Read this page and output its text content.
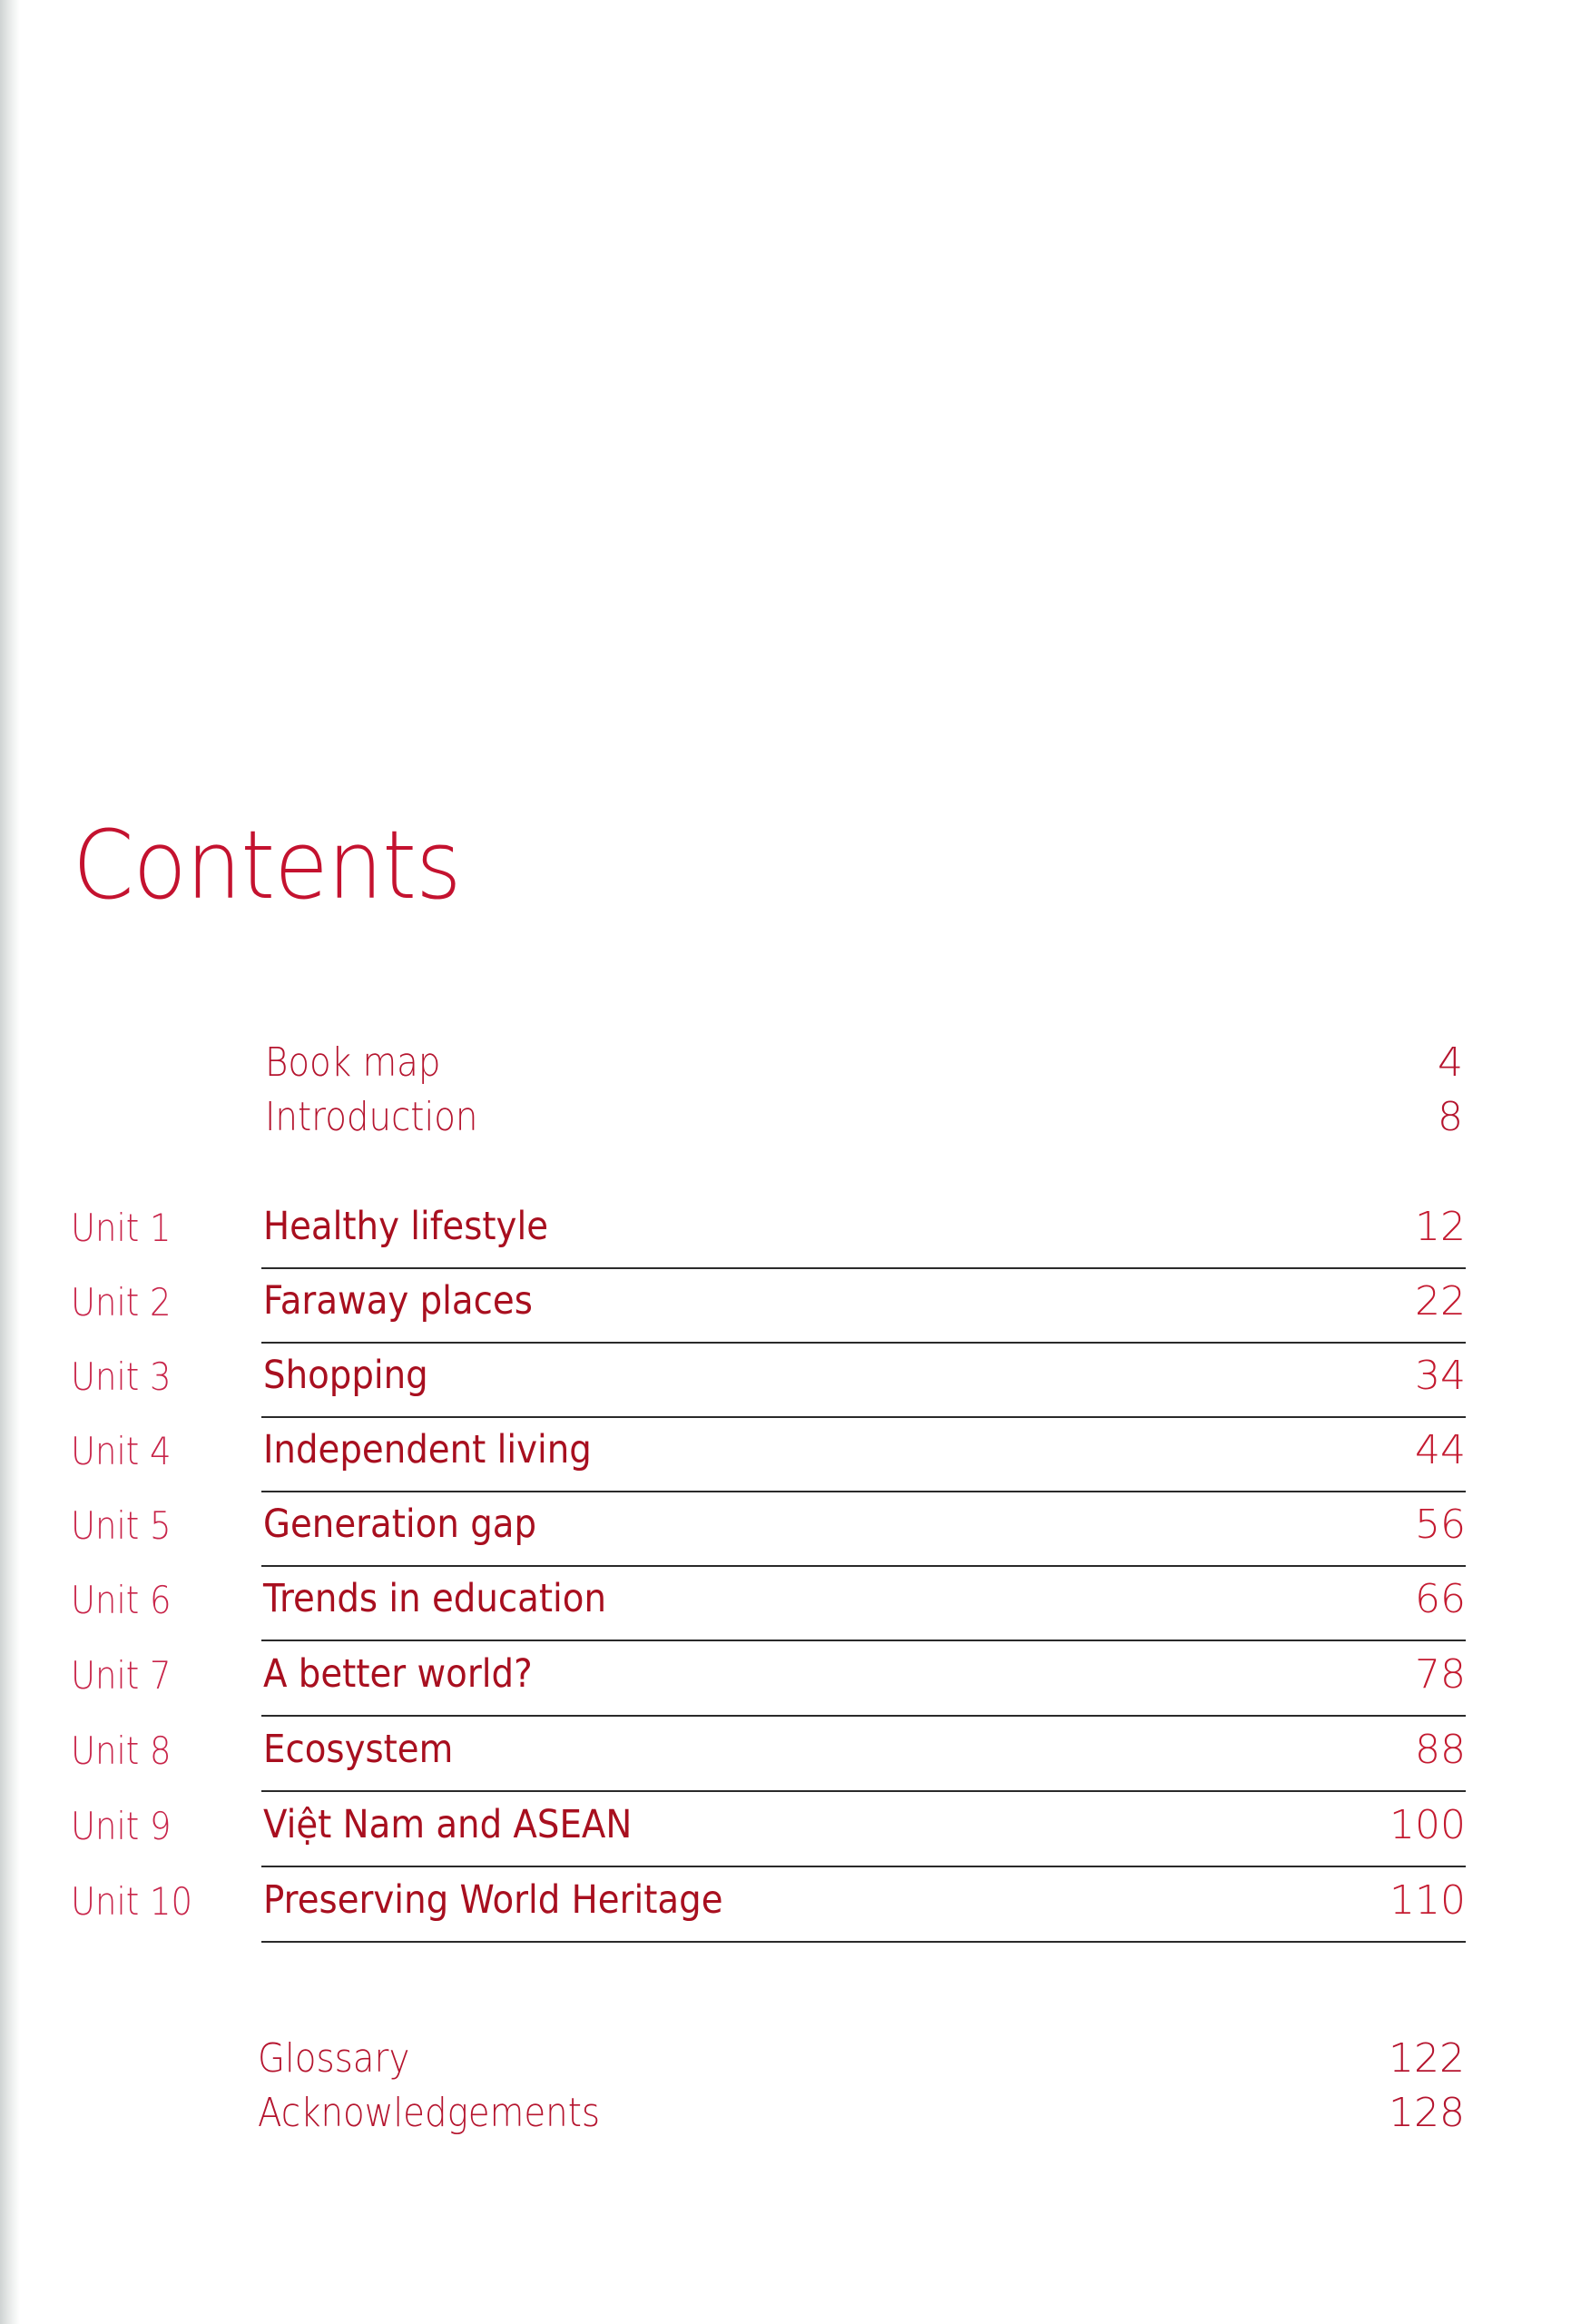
Contents
Book map	4
Introduction	8
Unit 1 Healthy lifestyle	12
Unit 2 Faraway places	22
Unit 3 Shopping	34
Unit 4 Independent living	44
Unit 5 Generation gap	56
Unit 6 Trends in education	66
Unit 7 A better world?	78
Unit 8 Ecosystem	88
Unit 9 Việt Nam and ASEAN	100
Unit 10 Preserving World Heritage	110
Glossary	122
Acknowledgements	128
